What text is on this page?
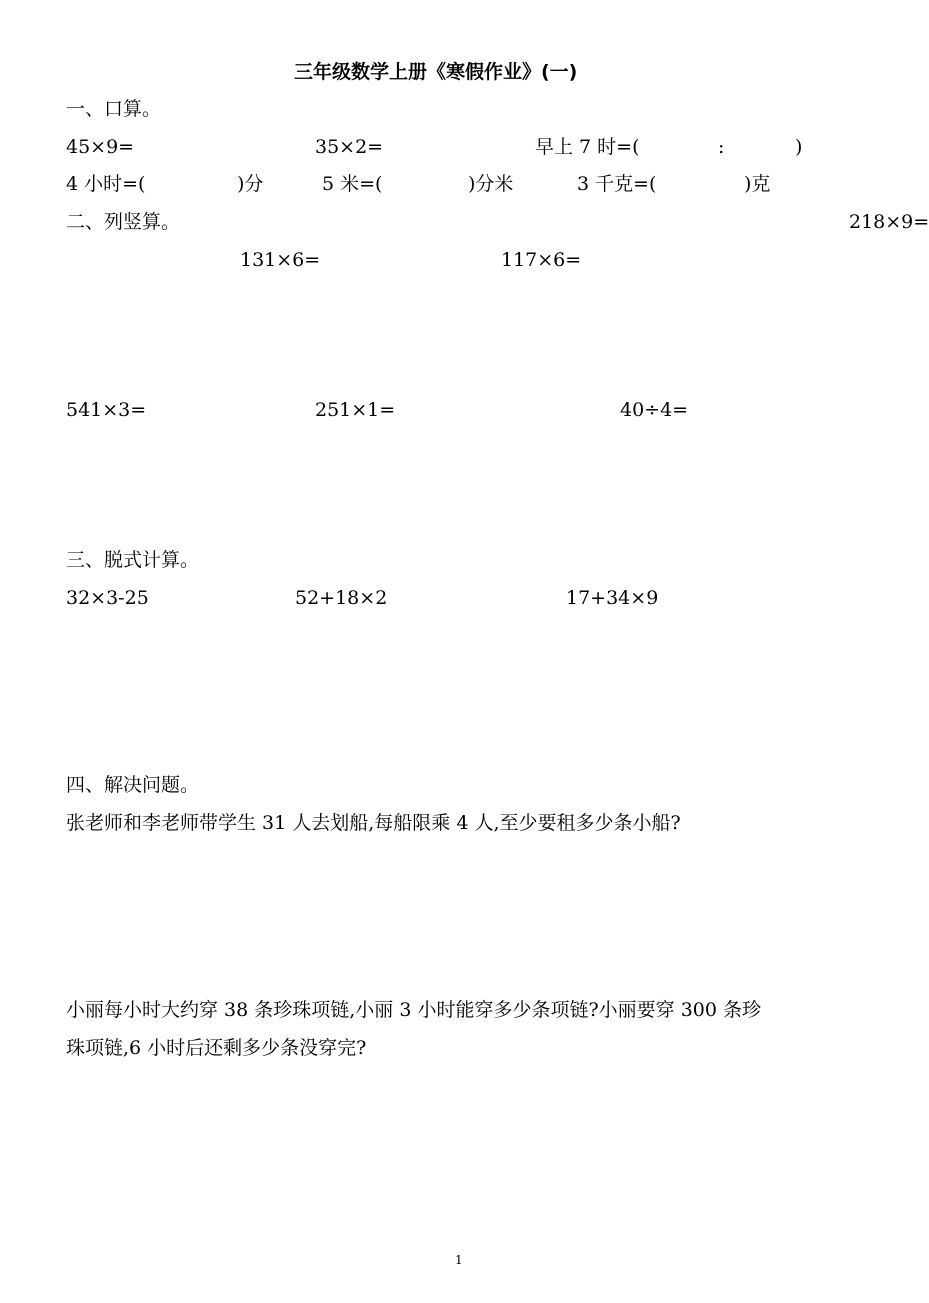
三年级数学上册《寒假作业》(一)
一、口算。
45×9=	35×2=	早上 7 时=(	:	)
4 小时=(	)分	5 米=(	)分米	3 千克=(	)克
二、列竖算。	218×9=
131×6=	117×6=
541×3=	251×1=	40÷4=
三、脱式计算。
32×3-25	52+18×2	17+34×9
四、解决问题。
张老师和李老师带学生 31 人去划船,每船限乘 4 人,至少要租多少条小船?
小丽每小时大约穿 38 条珍珠项链,小丽 3 小时能穿多少条项链?小丽要穿 300 条珍
珠项链,6 小时后还剩多少条没穿完?
1
